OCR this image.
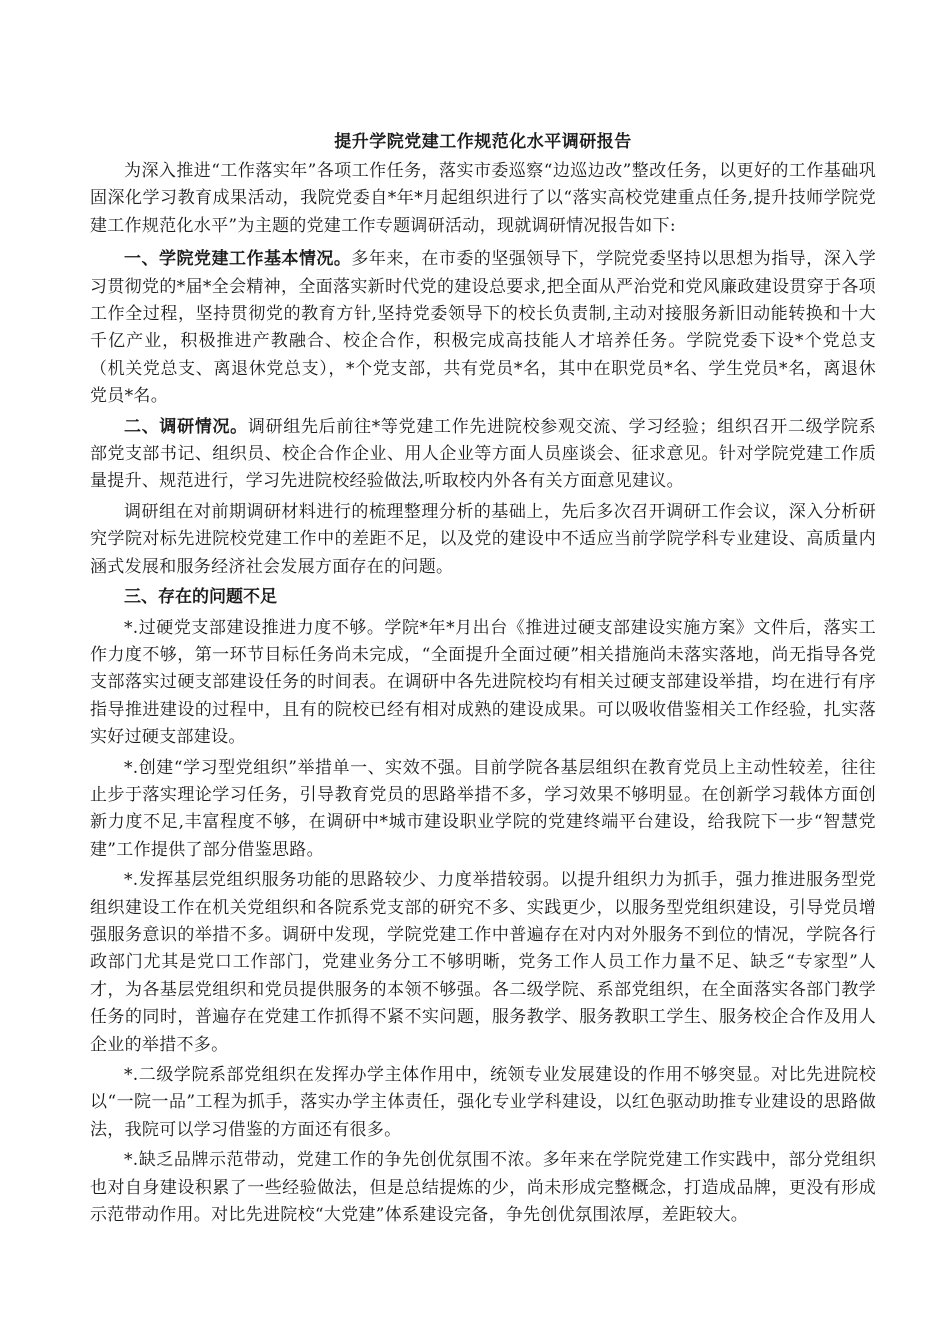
提升学院党建工作规范化水平调研报告

为深入推进“工作落实年”各项工作任务，落实市委巡察“边巡边改”整改任务，以更好的工作基础巩固深化学习教育成果活动，我院党委自*年*月起组织进行了以“落实高校党建重点任务,提升技师学院党建工作规范化水平”为主题的党建工作专题调研活动，现就调研情况报告如下:

一、学院党建工作基本情况。多年来，在市委的坚强领导下，学院党委坚持以思想为指导，深入学习贯彻党的*届*全会精神，全面落实新时代党的建设总要求,把全面从严治党和党风廉政建设贯穿于各项工作全过程，坚持贯彻党的教育方针,坚持党委领导下的校长负责制,主动对接服务新旧动能转换和十大千亿产业，积极推进产教融合、校企合作，积极完成高技能人才培养任务。学院党委下设*个党总支（机关党总支、离退休党总支），*个党支部，共有党员*名，其中在职党员*名、学生党员*名，离退休党员*名。

二、调研情况。调研组先后前往*等党建工作先进院校参观交流、学习经验；组织召开二级学院系部党支部书记、组织员、校企合作企业、用人企业等方面人员座谈会、征求意见。针对学院党建工作质量提升、规范进行，学习先进院校经验做法,听取校内外各有关方面意见建议。

调研组在对前期调研材料进行的梳理整理分析的基础上，先后多次召开调研工作会议，深入分析研究学院对标先进院校党建工作中的差距不足，以及党的建设中不适应当前学院学科专业建设、高质量内涵式发展和服务经济社会发展方面存在的问题。

三、存在的问题不足

*.过硬党支部建设推进力度不够。学院*年*月出台《推进过硬支部建设实施方案》文件后，落实工作力度不够，第一环节目标任务尚未完成，“全面提升全面过硬”相关措施尚未落实落地，尚无指导各党支部落实过硬支部建设任务的时间表。在调研中各先进院校均有相关过硬支部建设举措，均在进行有序指导推进建设的过程中，且有的院校已经有相对成熟的建设成果。可以吸收借鉴相关工作经验，扎实落实好过硬支部建设。

*.创建“学习型党组织”举措单一、实效不强。目前学院各基层组织在教育党员上主动性较差，往往止步于落实理论学习任务，引导教育党员的思路举措不多，学习效果不够明显。在创新学习载体方面创新力度不足,丰富程度不够，在调研中*城市建设职业学院的党建终端平台建设，给我院下一步“智慧党建”工作提供了部分借鉴思路。

*.发挥基层党组织服务功能的思路较少、力度举措较弱。以提升组织力为抓手，强力推进服务型党组织建设工作在机关党组织和各院系党支部的研究不多、实践更少，以服务型党组织建设，引导党员增强服务意识的举措不多。调研中发现，学院党建工作中普遍存在对内对外服务不到位的情况，学院各行政部门尤其是党口工作部门，党建业务分工不够明晰，党务工作人员工作力量不足、缺乏“专家型”人才，为各基层党组织和党员提供服务的本领不够强。各二级学院、系部党组织，在全面落实各部门教学任务的同时，普遍存在党建工作抓得不紧不实问题，服务教学、服务教职工学生、服务校企合作及用人企业的举措不多。

*.二级学院系部党组织在发挥办学主体作用中，统领专业发展建设的作用不够突显。对比先进院校以“一院一品”工程为抓手，落实办学主体责任，强化专业学科建设，以红色驱动助推专业建设的思路做法，我院可以学习借鉴的方面还有很多。

*.缺乏品牌示范带动，党建工作的争先创优氛围不浓。多年来在学院党建工作实践中，部分党组织也对自身建设积累了一些经验做法，但是总结提炼的少，尚未形成完整概念，打造成品牌，更没有形成示范带动作用。对比先进院校“大党建”体系建设完备，争先创优氛围浓厚，差距较大。
